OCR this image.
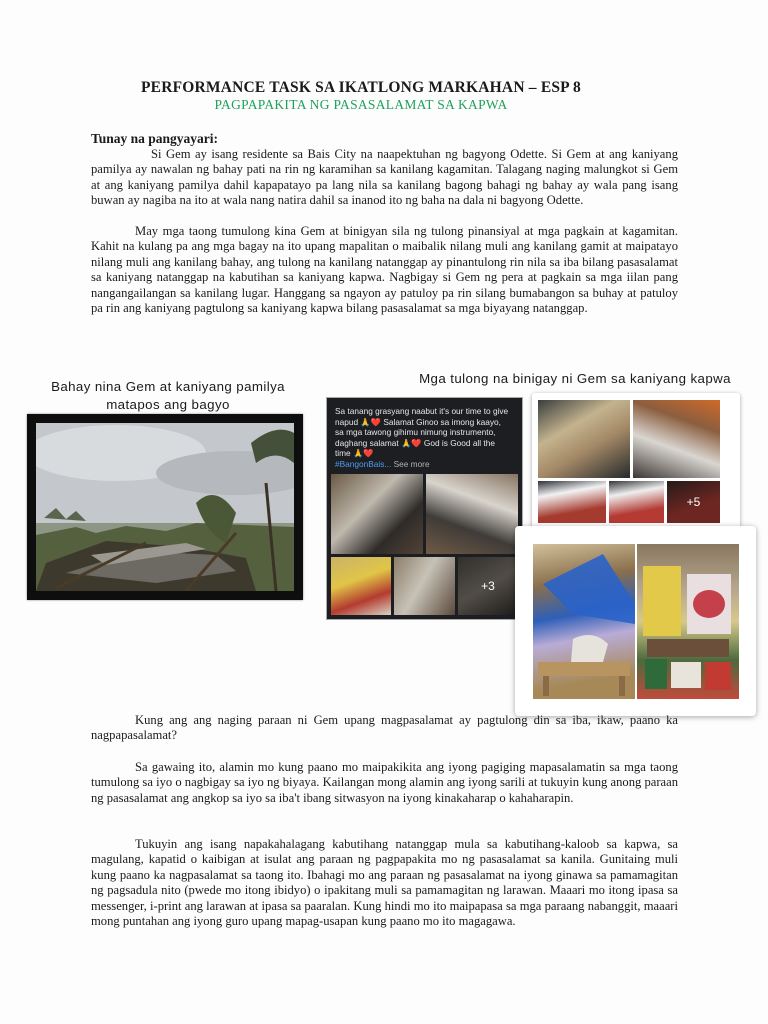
PERFORMANCE TASK SA IKATLONG MARKAHAN – ESP 8
PAGPAPAKITA NG PASASALAMAT SA KAPWA
Tunay na pangyayari:
Si Gem ay isang residente sa Bais City na naapektuhan ng bagyong Odette. Si Gem at ang kaniyang pamilya ay nawalan ng bahay pati na rin ng karamihan sa kanilang kagamitan. Talagang naging malungkot si Gem at ang kaniyang pamilya dahil kapapatayo pa lang nila sa kanilang bagong bahagi ng bahay ay wala pang isang buwan ay nagiba na ito at wala nang natira dahil sa inanod ito ng baha na dala ni bagyong Odette.
May mga taong tumulong kina Gem at binigyan sila ng tulong pinansiyal at mga pagkain at kagamitan. Kahit na kulang pa ang mga bagay na ito upang mapalitan o maibalik nilang muli ang kanilang gamit at maipatayo nilang muli ang kanilang bahay, ang tulong na kanilang natanggap ay pinantulong rin nila sa iba bilang pasasalamat sa kaniyang natanggap na kabutihan sa kaniyang kapwa. Nagbigay si Gem ng pera at pagkain sa mga iilan pang nangangailangan sa kanilang lugar. Hanggang sa ngayon ay patuloy pa rin silang bumabangon sa buhay at patuloy pa rin ang kaniyang pagtulong sa kaniyang kapwa bilang pasasalamat sa mga biyayang natanggap.
Bahay nina Gem at kaniyang pamilya
matapos ang bagyo
Mga tulong na binigay ni Gem sa kaniyang kapwa
Sa tanang grasyang naabut it's our time to give napud 🙏❤️ Salamat Ginoo sa imong kaayo, sa mga tawong gihimu nimung instrumento, daghang salamat 🙏❤️ God is Good all the time 🙏❤️
#BangonBais... See more
+3
+5
Kung ang ang naging paraan ni Gem upang magpasalamat ay pagtulong din sa iba, ikaw, paano ka nagpapasalamat?
Sa gawaing ito, alamin mo kung paano mo maipakikita ang iyong pagiging mapasalamatin sa mga taong tumulong sa iyo o nagbigay sa iyo ng biyaya. Kailangan mong alamin ang iyong sarili at tukuyin kung anong paraan ng pasasalamat ang angkop sa iyo sa iba't ibang sitwasyon na iyong kinakaharap o kahaharapin.
Tukuyin ang isang napakahalagang kabutihang natanggap mula sa kabutihang-kaloob sa kapwa, sa magulang, kapatid o kaibigan at isulat ang paraan ng pagpapakita mo ng pasasalamat sa kanila. Gunitaing muli kung paano ka nagpasalamat sa taong ito. Ibahagi mo ang paraan ng pasasalamat na iyong ginawa sa pamamagitan ng pagsadula nito (pwede mo itong ibidyo) o ipakitang muli sa pamamagitan ng larawan. Maaari mo itong ipasa sa messenger, i-print ang larawan at ipasa sa paaralan. Kung hindi mo ito maipapasa sa mga paraang nabanggit, maaari mong puntahan ang iyong guro upang mapag-usapan kung paano mo ito magagawa.
